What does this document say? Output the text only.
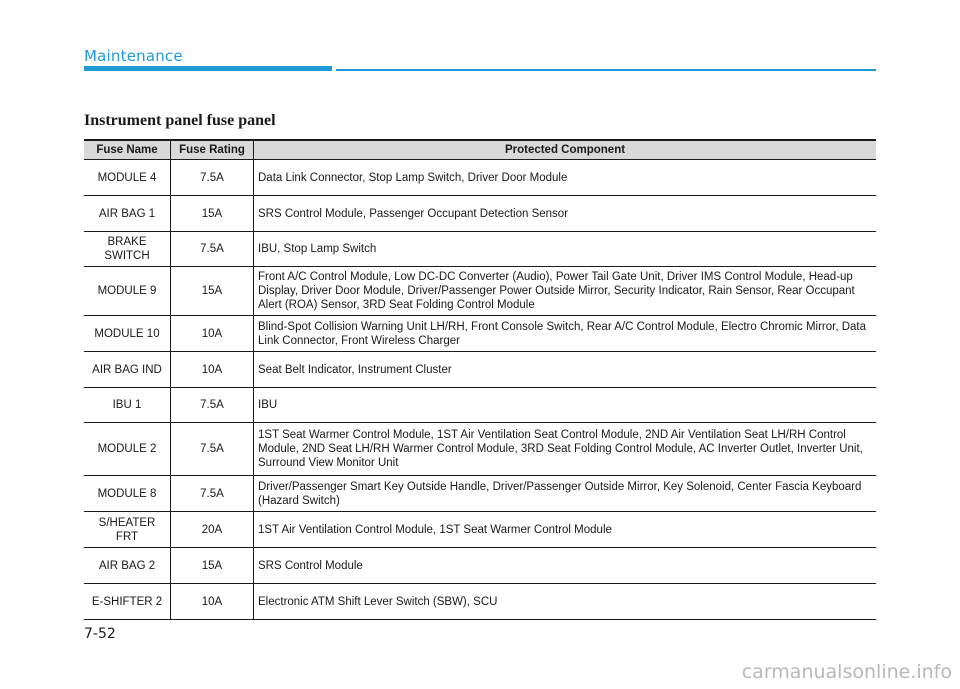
Maintenance
Instrument panel fuse panel
Fuse Name	Fuse Rating	Protected Component
MODULE 4	7.5A	Data Link Connector, Stop Lamp Switch, Driver Door Module
AIR BAG 1	15A	SRS Control Module, Passenger Occupant Detection Sensor
BRAKE SWITCH	7.5A	IBU, Stop Lamp Switch
MODULE 9	15A	Front A/C Control Module, Low DC-DC Converter (Audio), Power Tail Gate Unit, Driver IMS Control Module, Head-up Display, Driver Door Module, Driver/Passenger Power Outside Mirror, Security Indicator, Rain Sensor, Rear Occupant Alert (ROA) Sensor, 3RD Seat Folding Control Module
MODULE 10	10A	Blind-Spot Collision Warning Unit LH/RH, Front Console Switch, Rear A/C Control Module, Electro Chromic Mirror, Data Link Connector, Front Wireless Charger
AIR BAG IND	10A	Seat Belt Indicator, Instrument Cluster
IBU 1	7.5A	IBU
MODULE 2	7.5A	1ST Seat Warmer Control Module, 1ST Air Ventilation Seat Control Module, 2ND Air Ventilation Seat LH/RH Control Module, 2ND Seat LH/RH Warmer Control Module, 3RD Seat Folding Control Module, AC Inverter Outlet, Inverter Unit, Surround View Monitor Unit
MODULE 8	7.5A	Driver/Passenger Smart Key Outside Handle, Driver/Passenger Outside Mirror, Key Solenoid, Center Fascia Keyboard (Hazard Switch)
S/HEATER FRT	20A	1ST Air Ventilation Control Module, 1ST Seat Warmer Control Module
AIR BAG 2	15A	SRS Control Module
E-SHIFTER 2	10A	Electronic ATM Shift Lever Switch (SBW), SCU
7-52
carmanualsonline.info
